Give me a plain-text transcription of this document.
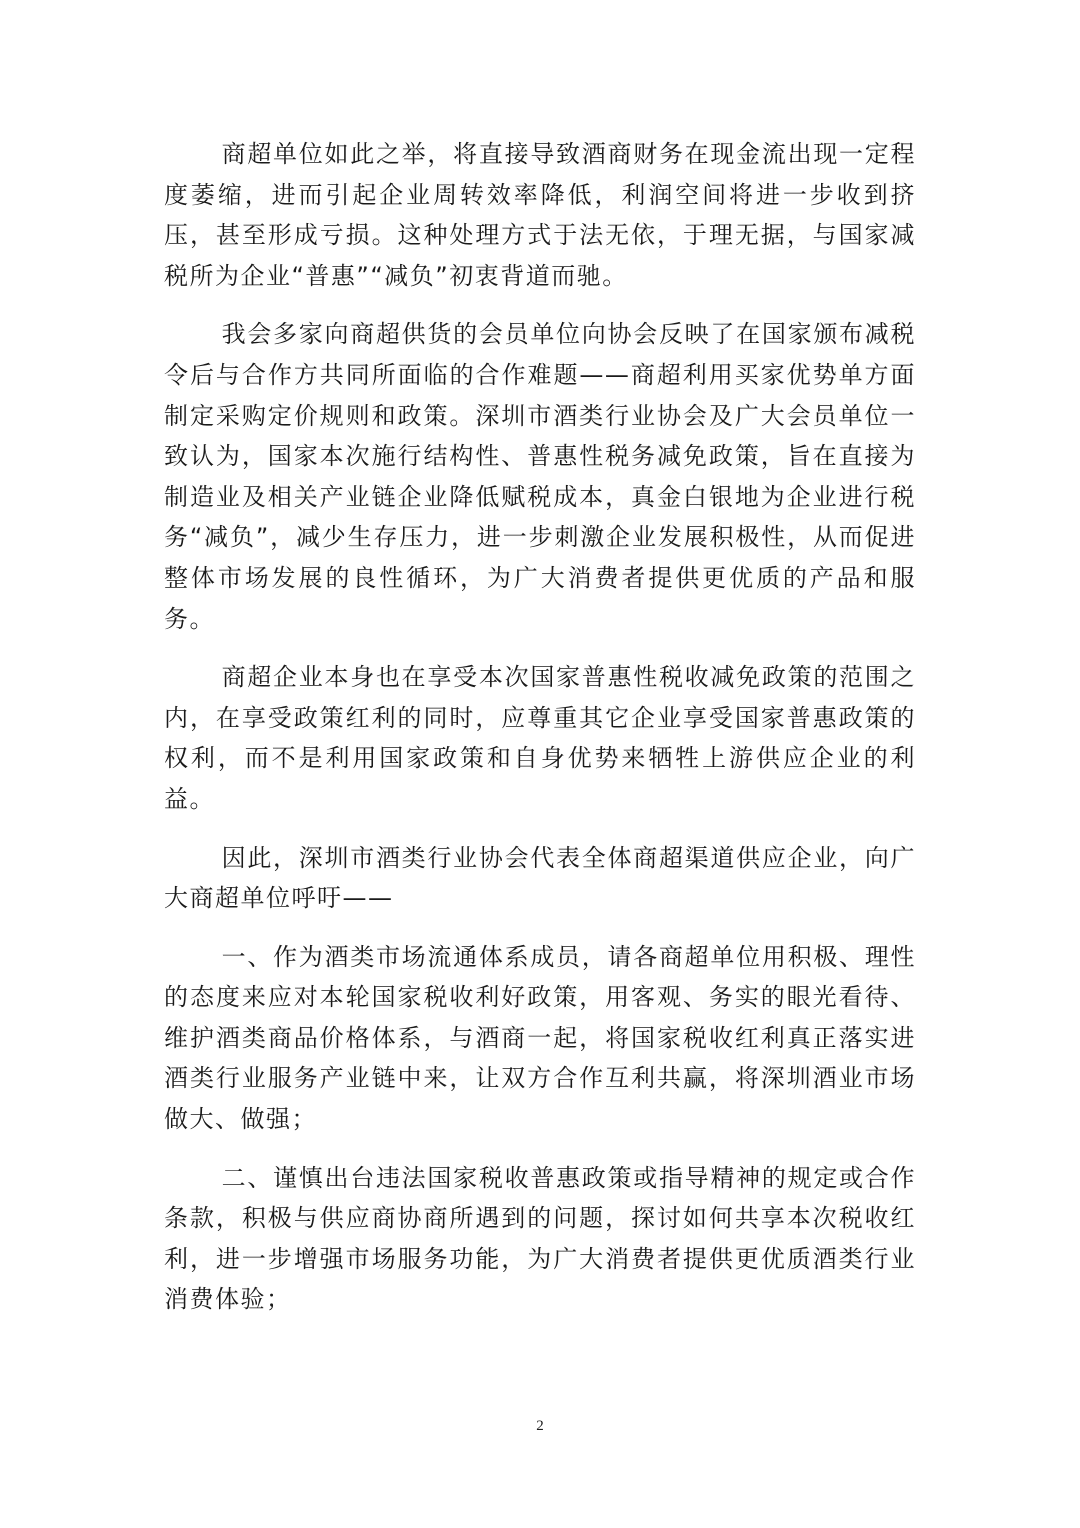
商超单位如此之举，将直接导致酒商财务在现金流出现一定程度萎缩，进而引起企业周转效率降低，利润空间将进一步收到挤压，甚至形成亏损。这种处理方式于法无依，于理无据，与国家减税所为企业“普惠”“减负”初衷背道而驰。

我会多家向商超供货的会员单位向协会反映了在国家颁布减税令后与合作方共同所面临的合作难题——商超利用买家优势单方面制定采购定价规则和政策。深圳市酒类行业协会及广大会员单位一致认为，国家本次施行结构性、普惠性税务减免政策，旨在直接为制造业及相关产业链企业降低赋税成本，真金白银地为企业进行税务“减负”，减少生存压力，进一步刺激企业发展积极性，从而促进整体市场发展的良性循环，为广大消费者提供更优质的产品和服务。

商超企业本身也在享受本次国家普惠性税收减免政策的范围之内，在享受政策红利的同时，应尊重其它企业享受国家普惠政策的权利，而不是利用国家政策和自身优势来牺牲上游供应企业的利益。

因此，深圳市酒类行业协会代表全体商超渠道供应企业，向广大商超单位呼吁——

一、作为酒类市场流通体系成员，请各商超单位用积极、理性的态度来应对本轮国家税收利好政策，用客观、务实的眼光看待、维护酒类商品价格体系，与酒商一起，将国家税收红利真正落实进酒类行业服务产业链中来，让双方合作互利共赢，将深圳酒业市场做大、做强；

二、谨慎出台违法国家税收普惠政策或指导精神的规定或合作条款，积极与供应商协商所遇到的问题，探讨如何共享本次税收红利，进一步增强市场服务功能，为广大消费者提供更优质酒类行业消费体验；

2
